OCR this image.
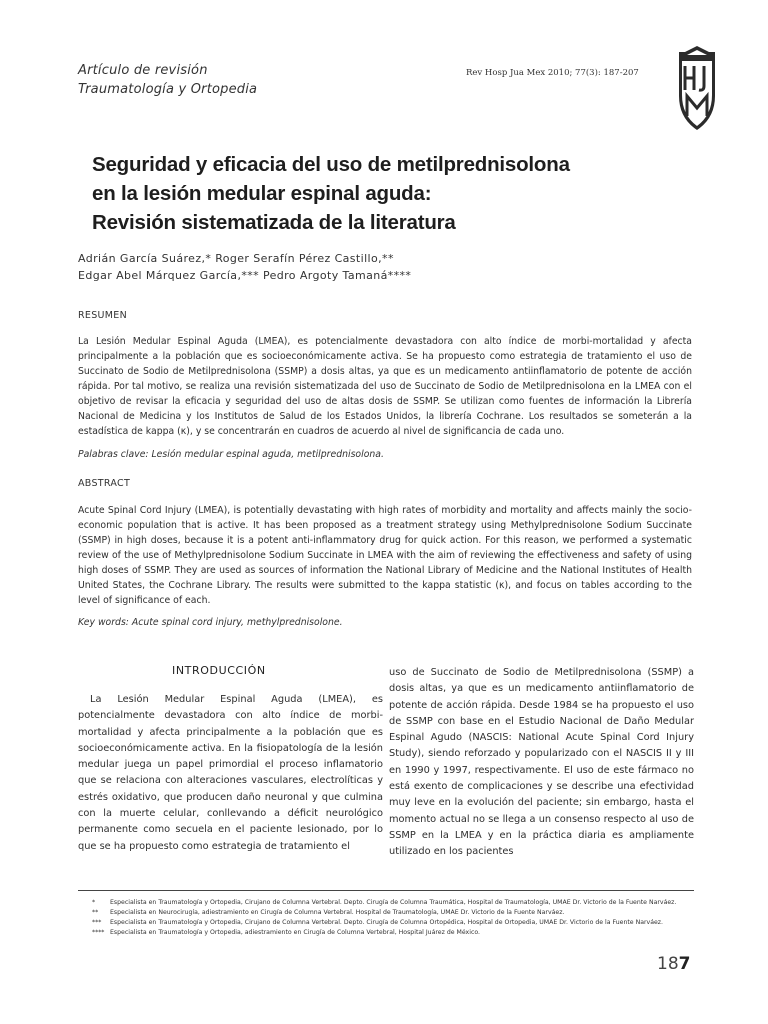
Artículo de revisión
Traumatología y Ortopedia
Rev Hosp Jua Mex 2010; 77(3): 187-207
Seguridad y eficacia del uso de metilprednisolona
en la lesión medular espinal aguda:
Revisión sistematizada de la literatura
Adrián García Suárez,* Roger Serafín Pérez Castillo,**
Edgar Abel Márquez García,*** Pedro Argoty Tamaná****
RESUMEN
La Lesión Medular Espinal Aguda (LMEA), es potencialmente devastadora con alto índice de morbi-mortalidad y afecta principalmente a la población que es socioeconómicamente activa. Se ha propuesto como estrategia de tratamiento el uso de Succinato de Sodio de Metilprednisolona (SSMP) a dosis altas, ya que es un medicamento antiinflamatorio de potente de acción rápida. Por tal motivo, se realiza una revisión sistematizada del uso de Succinato de Sodio de Metilprednisolona en la LMEA con el objetivo de revisar la eficacia y seguridad del uso de altas dosis de SSMP. Se utilizan como fuentes de información la Librería Nacional de Medicina y los Institutos de Salud de los Estados Unidos, la librería Cochrane. Los resultados se someterán a la estadística de kappa (κ), y se concentrarán en cuadros de acuerdo al nivel de significancia de cada uno.
Palabras clave: Lesión medular espinal aguda, metilprednisolona.
ABSTRACT
Acute Spinal Cord Injury (LMEA), is potentially devastating with high rates of morbidity and mortality and affects mainly the socio-economic population that is active. It has been proposed as a treatment strategy using Methylprednisolone Sodium Succinate (SSMP) in high doses, because it is a potent anti-inflammatory drug for quick action. For this reason, we performed a systematic review of the use of Methylprednisolone Sodium Succinate in LMEA with the aim of reviewing the effectiveness and safety of using high doses of SSMP. They are used as sources of information the National Library of Medicine and the National Institutes of Health United States, the Cochrane Library. The results were submitted to the kappa statistic (κ), and focus on tables according to the level of significance of each.
Key words: Acute spinal cord injury, methylprednisolone.
INTRODUCCIÓN
La Lesión Medular Espinal Aguda (LMEA), es potencialmente devastadora con alto índice de morbi-mortalidad y afecta principalmente a la población que es socioeconómicamente activa. En la fisiopatología de la lesión medular juega un papel primordial el proceso inflamatorio que se relaciona con alteraciones vasculares, electrolíticas y estrés oxidativo, que producen daño neuronal y que culmina con la muerte celular, conllevando a déficit neurológico permanente como secuela en el paciente lesionado, por lo que se ha propuesto como estrategia de tratamiento el
uso de Succinato de Sodio de Metilprednisolona (SSMP) a dosis altas, ya que es un medicamento antiinflamatorio de potente de acción rápida. Desde 1984 se ha propuesto el uso de SSMP con base en el Estudio Nacional de Daño Medular Espinal Agudo (NASCIS: National Acute Spinal Cord Injury Study), siendo reforzado y popularizado con el NASCIS II y III en 1990 y 1997, respectivamente. El uso de este fármaco no está exento de complicaciones y se describe una efectividad muy leve en la evolución del paciente; sin embargo, hasta el momento actual no se llega a un consenso respecto al uso de SSMP en la LMEA y en la práctica diaria es ampliamente utilizado en los pacientes
*	Especialista en Traumatología y Ortopedia, Cirujano de Columna Vertebral. Depto. Cirugía de Columna Traumática, Hospital de Traumatología, UMAE Dr. Victorio de la Fuente Narváez.
**	Especialista en Neurocirugía, adiestramiento en Cirugía de Columna Vertebral. Hospital de Traumatología, UMAE Dr. Victorio de la Fuente Narváez.
***	Especialista en Traumatología y Ortopedia, Cirujano de Columna Vertebral. Depto. Cirugía de Columna Ortopédica, Hospital de Ortopedia, UMAE Dr. Victorio de la Fuente Narváez.
**** Especialista en Traumatología y Ortopedia, adiestramiento en Cirugía de Columna Vertebral, Hospital Juárez de México.
187
